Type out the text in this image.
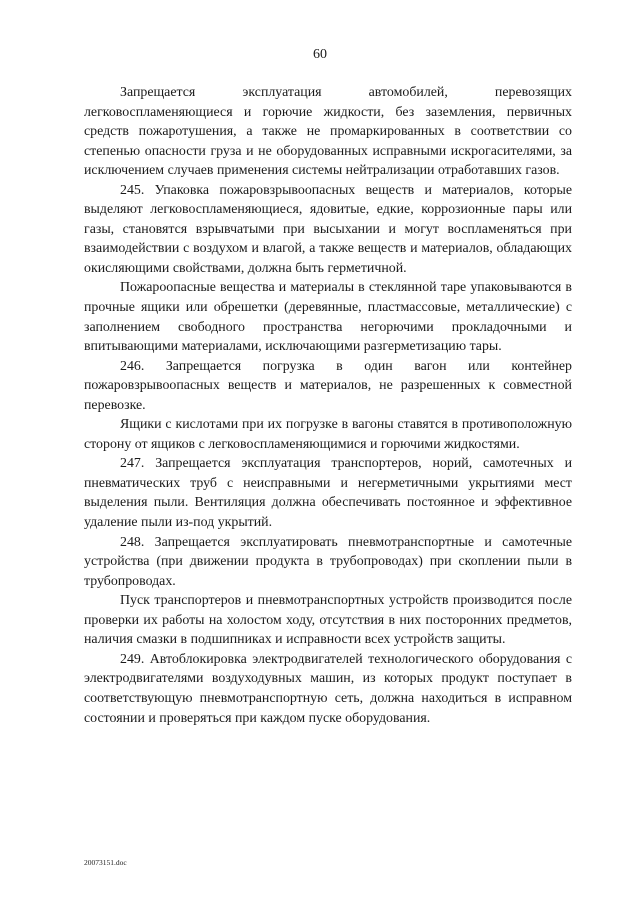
60

Запрещается эксплуатация автомобилей, перевозящих легковоспламеняющиеся и горючие жидкости, без заземления, первичных средств пожаротушения, а также не промаркированных в соответствии со степенью опасности груза и не оборудованных исправными искрогасителями, за исключением случаев применения системы нейтрализации отработавших газов.

245. Упаковка пожаровзрывоопасных веществ и материалов, которые выделяют легковоспламеняющиеся, ядовитые, едкие, коррозионные пары или газы, становятся взрывчатыми при высыхании и могут воспламеняться при взаимодействии с воздухом и влагой, а также веществ и материалов, обладающих окисляющими свойствами, должна быть герметичной.

Пожароопасные вещества и материалы в стеклянной таре упаковываются в прочные ящики или обрешетки (деревянные, пластмассовые, металлические) с заполнением свободного пространства негорючими прокладочными и впитывающими материалами, исключающими разгерметизацию тары.

246. Запрещается погрузка в один вагон или контейнер пожаровзрывоопасных веществ и материалов, не разрешенных к совместной перевозке.

Ящики с кислотами при их погрузке в вагоны ставятся в противоположную сторону от ящиков с легковоспламеняющимися и горючими жидкостями.

247. Запрещается эксплуатация транспортеров, норий, самотечных и пневматических труб с неисправными и негерметичными укрытиями мест выделения пыли. Вентиляция должна обеспечивать постоянное и эффективное удаление пыли из-под укрытий.

248. Запрещается эксплуатировать пневмотранспортные и самотечные устройства (при движении продукта в трубопроводах) при скоплении пыли в трубопроводах.

Пуск транспортеров и пневмотранспортных устройств производится после проверки их работы на холостом ходу, отсутствия в них посторонних предметов, наличия смазки в подшипниках и исправности всех устройств защиты.

249. Автоблокировка электродвигателей технологического оборудования с электродвигателями воздуходувных машин, из которых продукт поступает в соответствующую пневмотранспортную сеть, должна находиться в исправном состоянии и проверяться при каждом пуске оборудования.

20073151.doc
